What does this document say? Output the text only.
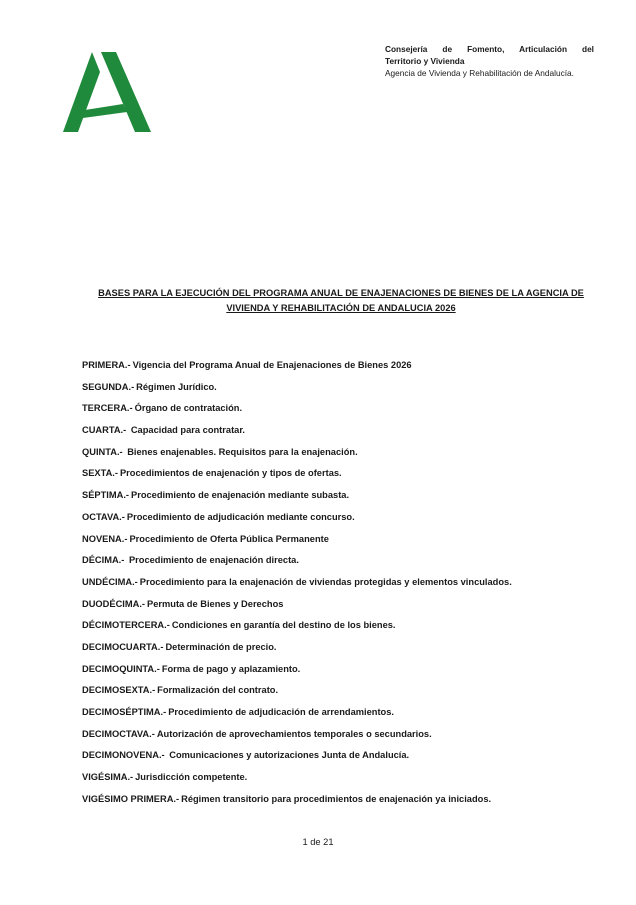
Consejería de Fomento, Articulación del
Territorio y Vivienda
Agencia de Vivienda y Rehabilitación de Andalucía.
BASES PARA LA EJECUCIÓN DEL PROGRAMA ANUAL DE ENAJENACIONES DE BIENES DE LA AGENCIA DE
VIVIENDA Y REHABILITACIÓN DE ANDALUCIA 2026
PRIMERA.- Vigencia del Programa Anual de Enajenaciones de Bienes 2026
SEGUNDA.- Régimen Jurídico.
TERCERA.- Órgano de contratación.
CUARTA.- Capacidad para contratar.
QUINTA.- Bienes enajenables. Requisitos para la enajenación.
SEXTA.- Procedimientos de enajenación y tipos de ofertas.
SÉPTIMA.- Procedimiento de enajenación mediante subasta.
OCTAVA.- Procedimiento de adjudicación mediante concurso.
NOVENA.- Procedimiento de Oferta Pública Permanente
DÉCIMA.- Procedimiento de enajenación directa.
UNDÉCIMA.- Procedimiento para la enajenación de viviendas protegidas y elementos vinculados.
DUODÉCIMA.- Permuta de Bienes y Derechos
DÉCIMOTERCERA.- Condiciones en garantía del destino de los bienes.
DECIMOCUARTA.- Determinación de precio.
DECIMOQUINTA.- Forma de pago y aplazamiento.
DECIMOSEXTA.- Formalización del contrato.
DECIMOSÉPTIMA.- Procedimiento de adjudicación de arrendamientos.
DECIMOCTAVA.- Autorización de aprovechamientos temporales o secundarios.
DECIMONOVENA.- Comunicaciones y autorizaciones Junta de Andalucía.
VIGÉSIMA.- Jurisdicción competente.
VIGÉSIMO PRIMERA.- Régimen transitorio para procedimientos de enajenación ya iniciados.
1 de 21
